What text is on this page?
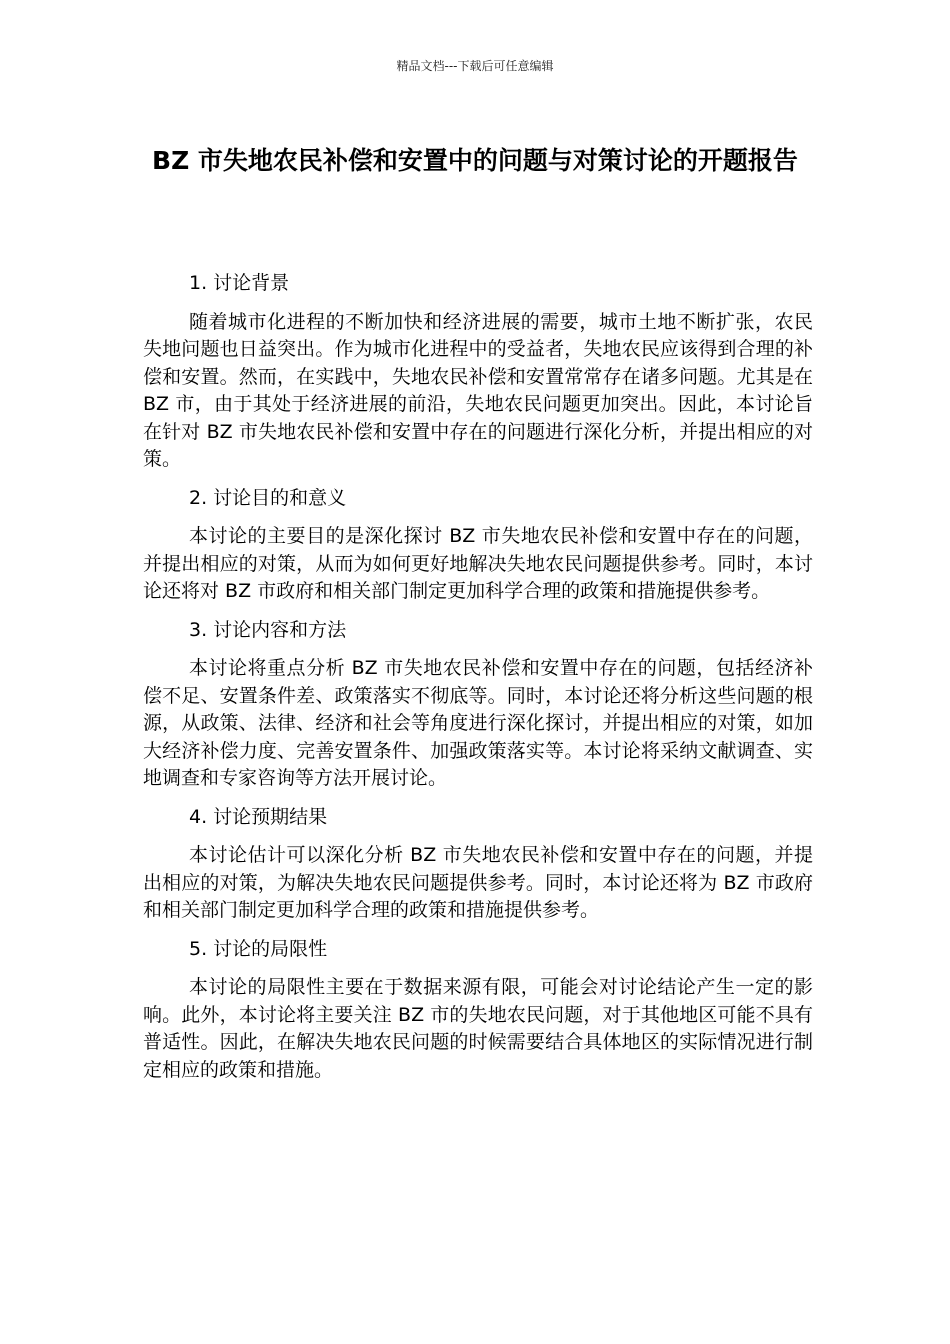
精品文档---下载后可任意编辑
BZ 市失地农民补偿和安置中的问题与对策讨论的开题报告

1. 讨论背景

随着城市化进程的不断加快和经济进展的需要，城市土地不断扩张，农民失地问题也日益突出。作为城市化进程中的受益者，失地农民应该得到合理的补偿和安置。然而，在实践中，失地农民补偿和安置常常存在诸多问题。尤其是在 BZ 市，由于其处于经济进展的前沿，失地农民问题更加突出。因此，本讨论旨在针对 BZ 市失地农民补偿和安置中存在的问题进行深化分析，并提出相应的对策。

2. 讨论目的和意义

本讨论的主要目的是深化探讨 BZ 市失地农民补偿和安置中存在的问题，并提出相应的对策，从而为如何更好地解决失地农民问题提供参考。同时，本讨论还将对 BZ 市政府和相关部门制定更加科学合理的政策和措施提供参考。

3. 讨论内容和方法

本讨论将重点分析 BZ 市失地农民补偿和安置中存在的问题，包括经济补偿不足、安置条件差、政策落实不彻底等。同时，本讨论还将分析这些问题的根源，从政策、法律、经济和社会等角度进行深化探讨，并提出相应的对策，如加大经济补偿力度、完善安置条件、加强政策落实等。本讨论将采纳文献调查、实地调查和专家咨询等方法开展讨论。

4. 讨论预期结果

本讨论估计可以深化分析 BZ 市失地农民补偿和安置中存在的问题，并提出相应的对策，为解决失地农民问题提供参考。同时，本讨论还将为 BZ 市政府和相关部门制定更加科学合理的政策和措施提供参考。

5. 讨论的局限性

本讨论的局限性主要在于数据来源有限，可能会对讨论结论产生一定的影响。此外，本讨论将主要关注 BZ 市的失地农民问题，对于其他地区可能不具有普适性。因此，在解决失地农民问题的时候需要结合具体地区的实际情况进行制定相应的政策和措施。
